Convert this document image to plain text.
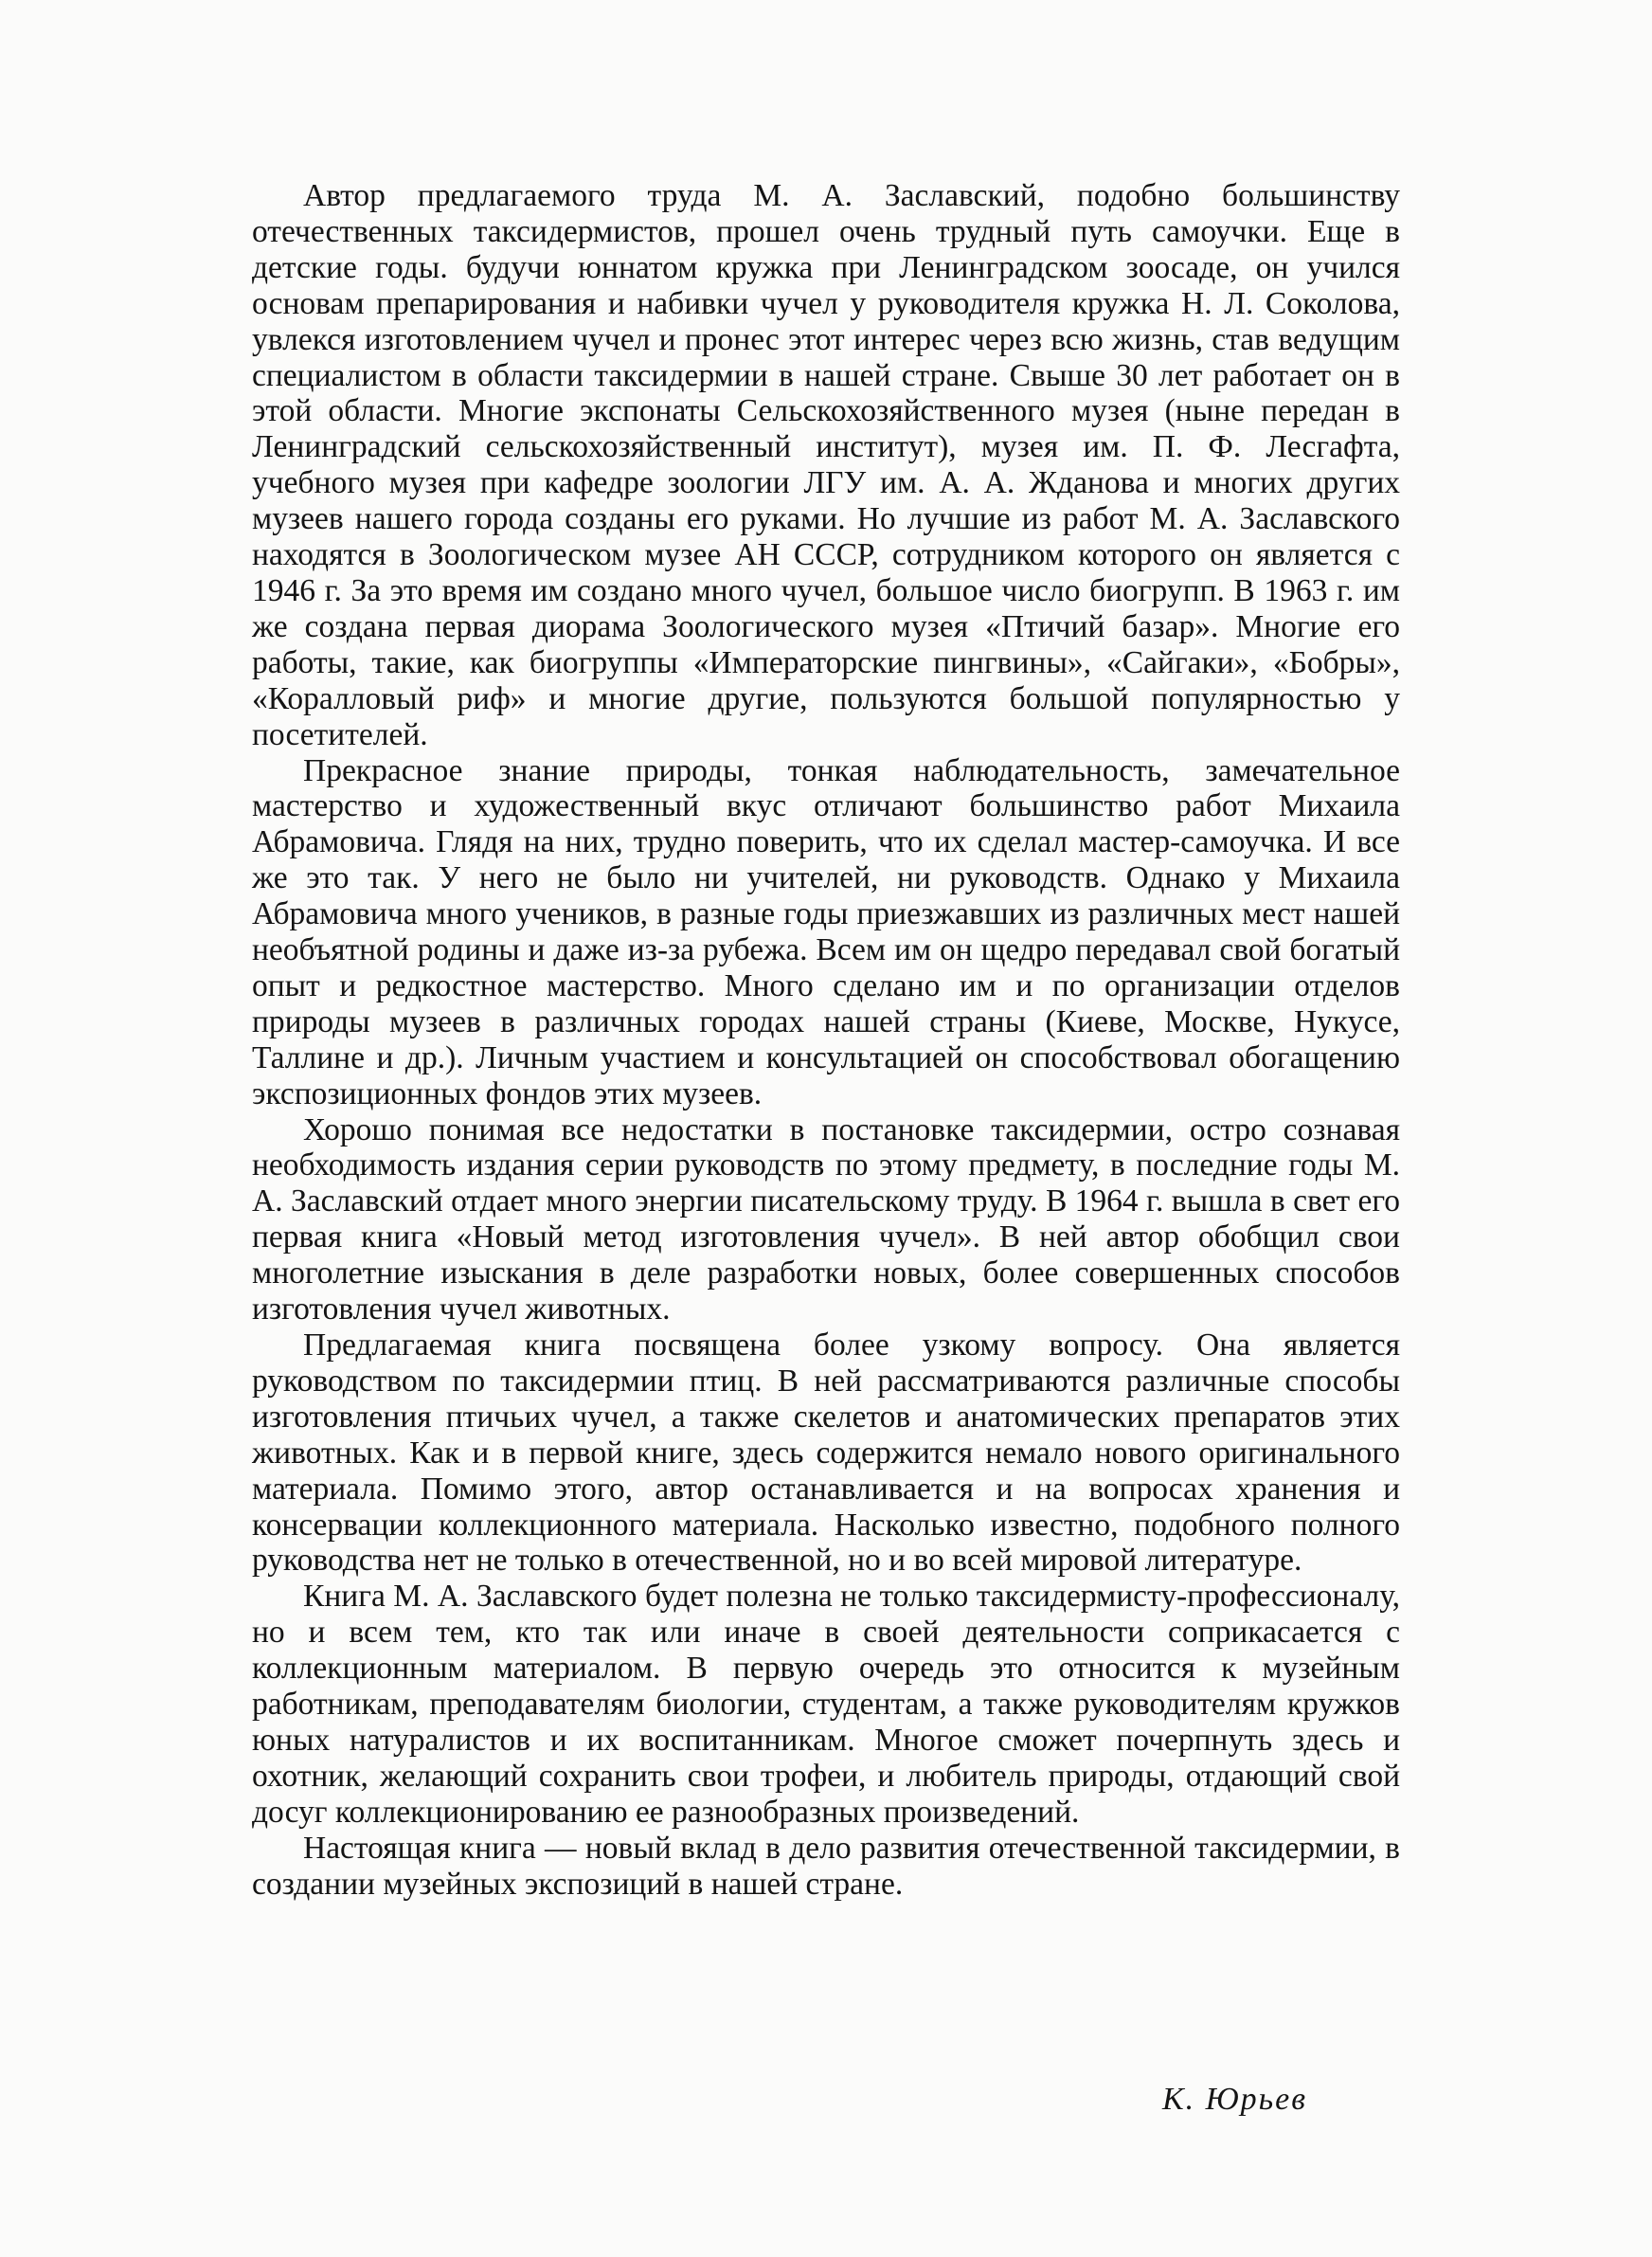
Автор предлагаемого труда М. А. Заславский, подобно большинству отечественных таксидермистов, прошел очень трудный путь самоучки. Еще в детские годы. будучи юннатом кружка при Ленинградском зоосаде, он учился основам препарирования и набивки чучел у руководителя кружка Н. Л. Соколова, увлекся изготовлением чучел и пронес этот интерес через всю жизнь, став ведущим специалистом в области таксидермии в нашей стране. Свыше 30 лет работает он в этой области. Многие экспонаты Сельскохозяйственного музея (ныне передан в Ленинградский сельскохозяйственный институт), музея им. П. Ф. Лесгафта, учебного музея при кафедре зоологии ЛГУ им. А. А. Жданова и многих других музеев нашего города созданы его руками. Но лучшие из работ М. А. Заславского находятся в Зоологическом музее АН СССР, сотрудником которого он является с 1946 г. За это время им создано много чучел, большое число биогрупп. В 1963 г. им же создана первая диорама Зоологического музея «Птичий базар». Многие его работы, такие, как биогруппы «Императорские пингвины», «Сайгаки», «Бобры», «Коралловый риф» и многие другие, пользуются большой популярностью у посетителей.

Прекрасное знание природы, тонкая наблюдательность, замечательное мастерство и художественный вкус отличают большинство работ Михаила Абрамовича. Глядя на них, трудно поверить, что их сделал мастер-самоучка. И все же это так. У него не было ни учителей, ни руководств. Однако у Михаила Абрамовича много учеников, в разные годы приезжавших из различных мест нашей необъятной родины и даже из-за рубежа. Всем им он щедро передавал свой богатый опыт и редкостное мастерство. Много сделано им и по организации отделов природы музеев в различных городах нашей страны (Киеве, Москве, Нукусе, Таллине и др.). Личным участием и консультацией он способствовал обогащению экспозиционных фондов этих музеев.

Хорошо понимая все недостатки в постановке таксидермии, остро сознавая необходимость издания серии руководств по этому предмету, в последние годы М. А. Заславский отдает много энергии писательскому труду. В 1964 г. вышла в свет его первая книга «Новый метод изготовления чучел». В ней автор обобщил свои многолетние изыскания в деле разработки новых, более совершенных способов изготовления чучел животных.

Предлагаемая книга посвящена более узкому вопросу. Она является руководством по таксидермии птиц. В ней рассматриваются различные способы изготовления птичьих чучел, а также скелетов и анатомических препаратов этих животных. Как и в первой книге, здесь содержится немало нового оригинального материала. Помимо этого, автор останавливается и на вопросах хранения и консервации коллекционного материала. Насколько известно, подобного полного руководства нет не только в отечественной, но и во всей мировой литературе.

Книга М. А. Заславского будет полезна не только таксидермисту-профессионалу, но и всем тем, кто так или иначе в своей деятельности соприкасается с коллекционным материалом. В первую очередь это относится к музейным работникам, преподавателям биологии, студентам, а также руководителям кружков юных натуралистов и их воспитанникам. Многое сможет почерпнуть здесь и охотник, желающий сохранить свои трофеи, и любитель природы, отдающий свой досуг коллекционированию ее разнообразных произведений.

Настоящая книга — новый вклад в дело развития отечественной таксидермии, в создании музейных экспозиций в нашей стране.

К. Юрьев
